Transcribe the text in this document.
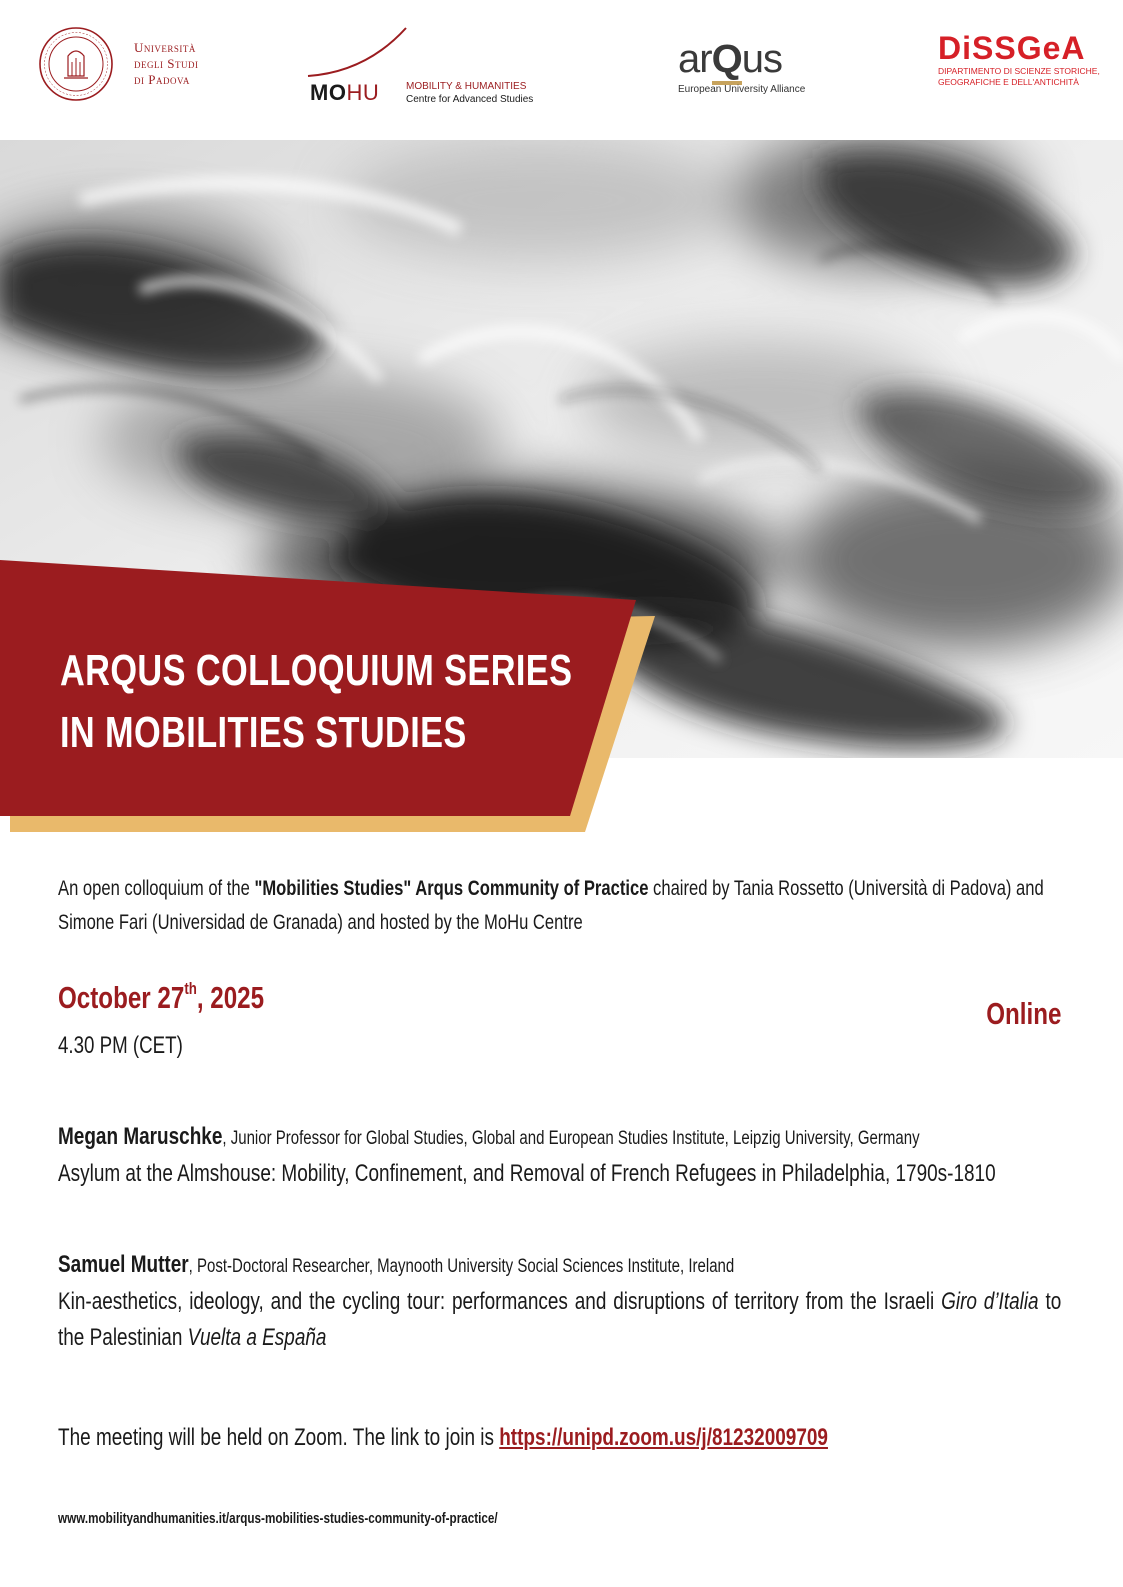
Università
degli Studi
di Padova
MOHU	MOBILITY & HUMANITIES
Centre for Advanced Studies
arQus
European University Alliance
DiSSGeA
DIPARTIMENTO DI SCIENZE STORICHE,
GEOGRAFICHE E DELL'ANTICHITÀ
ARQUS COLLOQUIUM SERIES
IN MOBILITIES STUDIES
An open colloquium of the "Mobilities Studies" Arqus Community of Practice chaired by Tania Rossetto (Università di Padova) and Simone Fari (Universidad de Granada) and hosted by the MoHu Centre
October 27th, 2025
4.30 PM (CET)
Online
Megan Maruschke, Junior Professor for Global Studies, Global and European Studies Institute, Leipzig University, Germany
Asylum at the Almshouse: Mobility, Confinement, and Removal of French Refugees in Philadelphia, 1790s-1810
Samuel Mutter, Post-Doctoral Researcher, Maynooth University Social Sciences Institute, Ireland
Kin-aesthetics, ideology, and the cycling tour: performances and disruptions of territory from the Israeli Giro d’Italia to the Palestinian Vuelta a España
The meeting will be held on Zoom. The link to join is https://unipd.zoom.us/j/81232009709
www.mobilityandhumanities.it/arqus-mobilities-studies-community-of-practice/
